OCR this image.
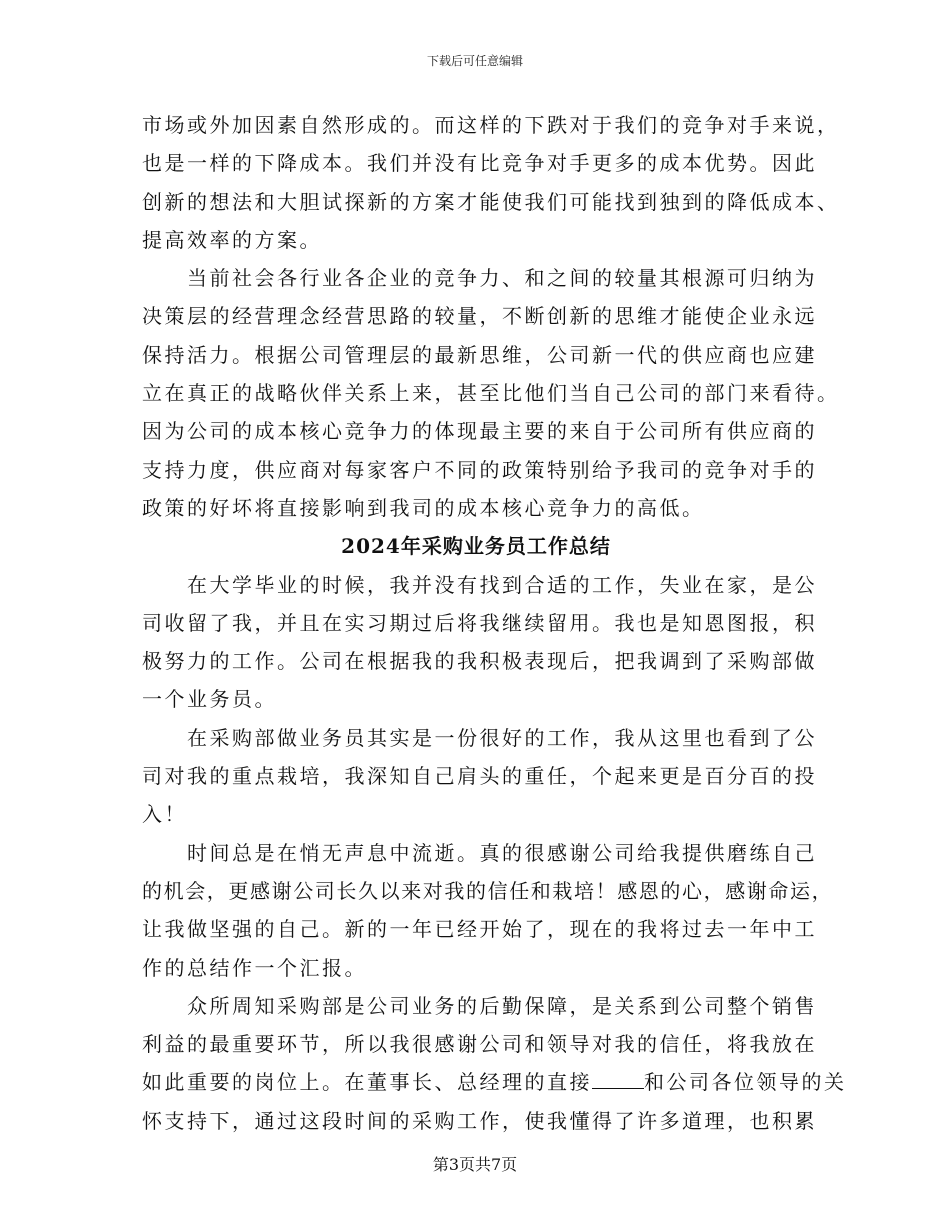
下载后可任意编辑

市场或外加因素自然形成的。而这样的下跌对于我们的竞争对手来说，
也是一样的下降成本。我们并没有比竞争对手更多的成本优势。因此
创新的想法和大胆试探新的方案才能使我们可能找到独到的降低成本、
提高效率的方案。

当前社会各行业各企业的竞争力、和之间的较量其根源可归纳为
决策层的经营理念经营思路的较量，不断创新的思维才能使企业永远
保持活力。根据公司管理层的最新思维，公司新一代的供应商也应建
立在真正的战略伙伴关系上来，甚至比他们当自己公司的部门来看待。
因为公司的成本核心竞争力的体现最主要的来自于公司所有供应商的
支持力度，供应商对每家客户不同的政策特别给予我司的竞争对手的
政策的好坏将直接影响到我司的成本核心竞争力的高低。

2024年采购业务员工作总结

在大学毕业的时候，我并没有找到合适的工作，失业在家，是公
司收留了我，并且在实习期过后将我继续留用。我也是知恩图报，积
极努力的工作。公司在根据我的我积极表现后，把我调到了采购部做
一个业务员。

在采购部做业务员其实是一份很好的工作，我从这里也看到了公
司对我的重点栽培，我深知自己肩头的重任，个起来更是百分百的投
入！

时间总是在悄无声息中流逝。真的很感谢公司给我提供磨练自己
的机会，更感谢公司长久以来对我的信任和栽培！感恩的心，感谢命运，
让我做坚强的自己。新的一年已经开始了，现在的我将过去一年中工
作的总结作一个汇报。

众所周知采购部是公司业务的后勤保障，是关系到公司整个销售
利益的最重要环节，所以我很感谢公司和领导对我的信任，将我放在
如此重要的岗位上。在董事长、总经理的直接	和公司各位领导的关
怀支持下，通过这段时间的采购工作，使我懂得了许多道理，也积累

第3页共7页
